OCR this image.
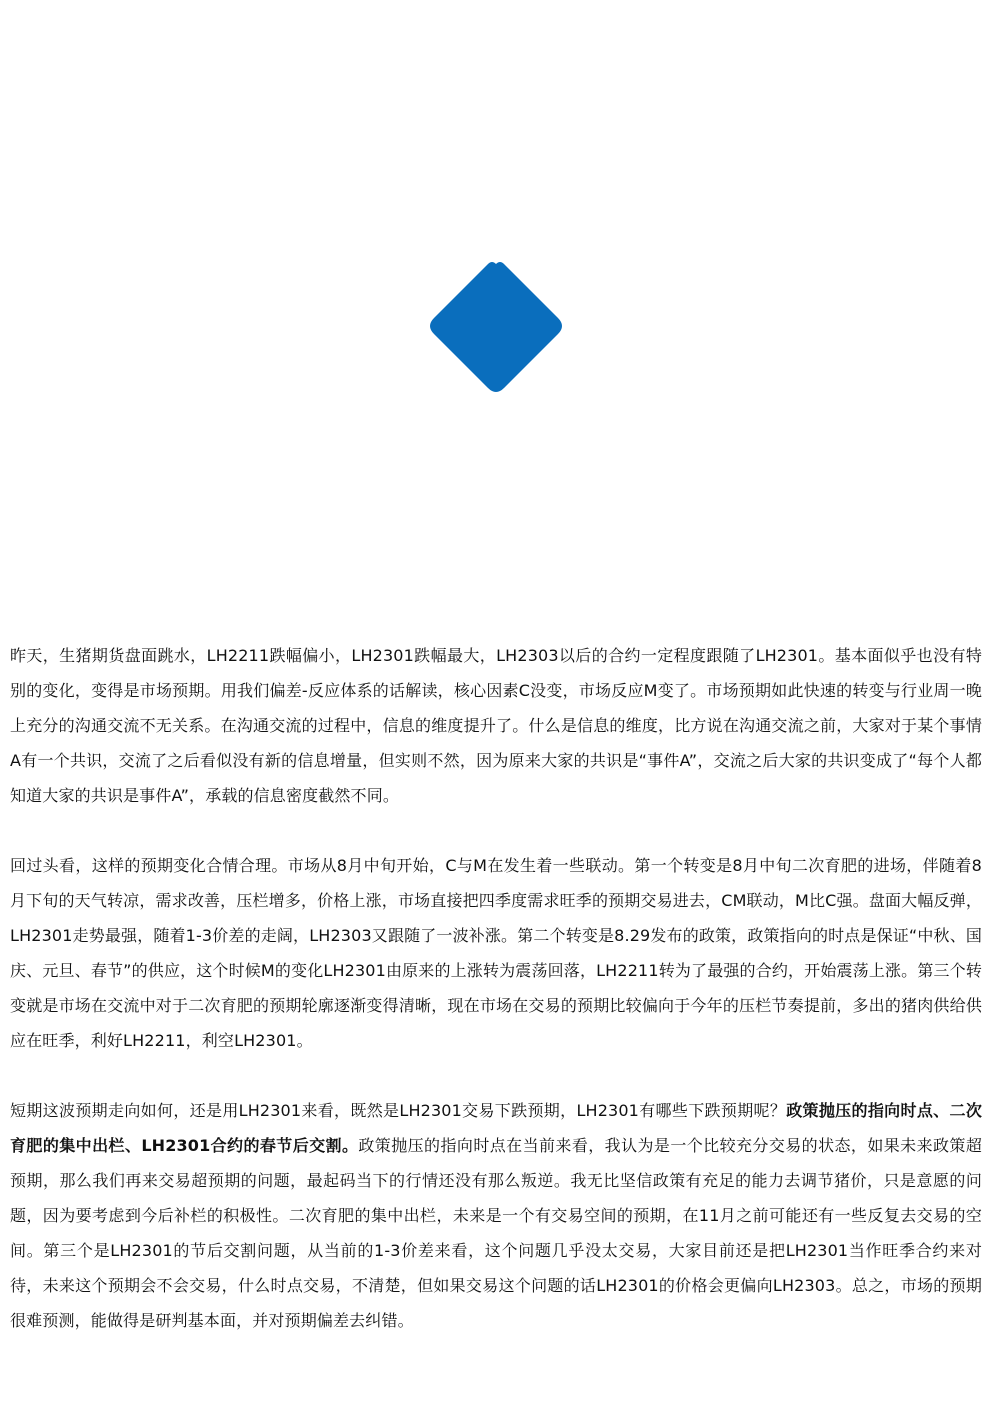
昨天，生猪期货盘面跳水，LH2211跌幅偏小，LH2301跌幅最大，LH2303以后的合约一定程度跟随了LH2301。基本面似乎也没有特别的变化，变得是市场预期。用我们偏差-反应体系的话解读，核心因素C没变，市场反应M变了。市场预期如此快速的转变与行业周一晚上充分的沟通交流不无关系。在沟通交流的过程中，信息的维度提升了。什么是信息的维度，比方说在沟通交流之前，大家对于某个事情A有一个共识，交流了之后看似没有新的信息增量，但实则不然，因为原来大家的共识是“事件A”，交流之后大家的共识变成了“每个人都知道大家的共识是事件A”，承载的信息密度截然不同。

回过头看，这样的预期变化合情合理。市场从8月中旬开始，C与M在发生着一些联动。第一个转变是8月中旬二次育肥的进场，伴随着8月下旬的天气转凉，需求改善，压栏增多，价格上涨，市场直接把四季度需求旺季的预期交易进去，CM联动，M比C强。盘面大幅反弹，LH2301走势最强，随着1-3价差的走阔，LH2303又跟随了一波补涨。第二个转变是8.29发布的政策，政策指向的时点是保证“中秋、国庆、元旦、春节”的供应，这个时候M的变化LH2301由原来的上涨转为震荡回落，LH2211转为了最强的合约，开始震荡上涨。第三个转变就是市场在交流中对于二次育肥的预期轮廓逐渐变得清晰，现在市场在交易的预期比较偏向于今年的压栏节奏提前，多出的猪肉供给供应在旺季，利好LH2211，利空LH2301。

短期这波预期走向如何，还是用LH2301来看，既然是LH2301交易下跌预期，LH2301有哪些下跌预期呢？政策抛压的指向时点、二次育肥的集中出栏、LH2301合约的春节后交割。政策抛压的指向时点在当前来看，我认为是一个比较充分交易的状态，如果未来政策超预期，那么我们再来交易超预期的问题，最起码当下的行情还没有那么叛逆。我无比坚信政策有充足的能力去调节猪价，只是意愿的问题，因为要考虑到今后补栏的积极性。二次育肥的集中出栏，未来是一个有交易空间的预期，在11月之前可能还有一些反复去交易的空间。第三个是LH2301的节后交割问题，从当前的1-3价差来看，这个问题几乎没太交易，大家目前还是把LH2301当作旺季合约来对待，未来这个预期会不会交易，什么时点交易，不清楚，但如果交易这个问题的话LH2301的价格会更偏向LH2303。总之，市场的预期很难预测，能做得是研判基本面，并对预期偏差去纠错。
